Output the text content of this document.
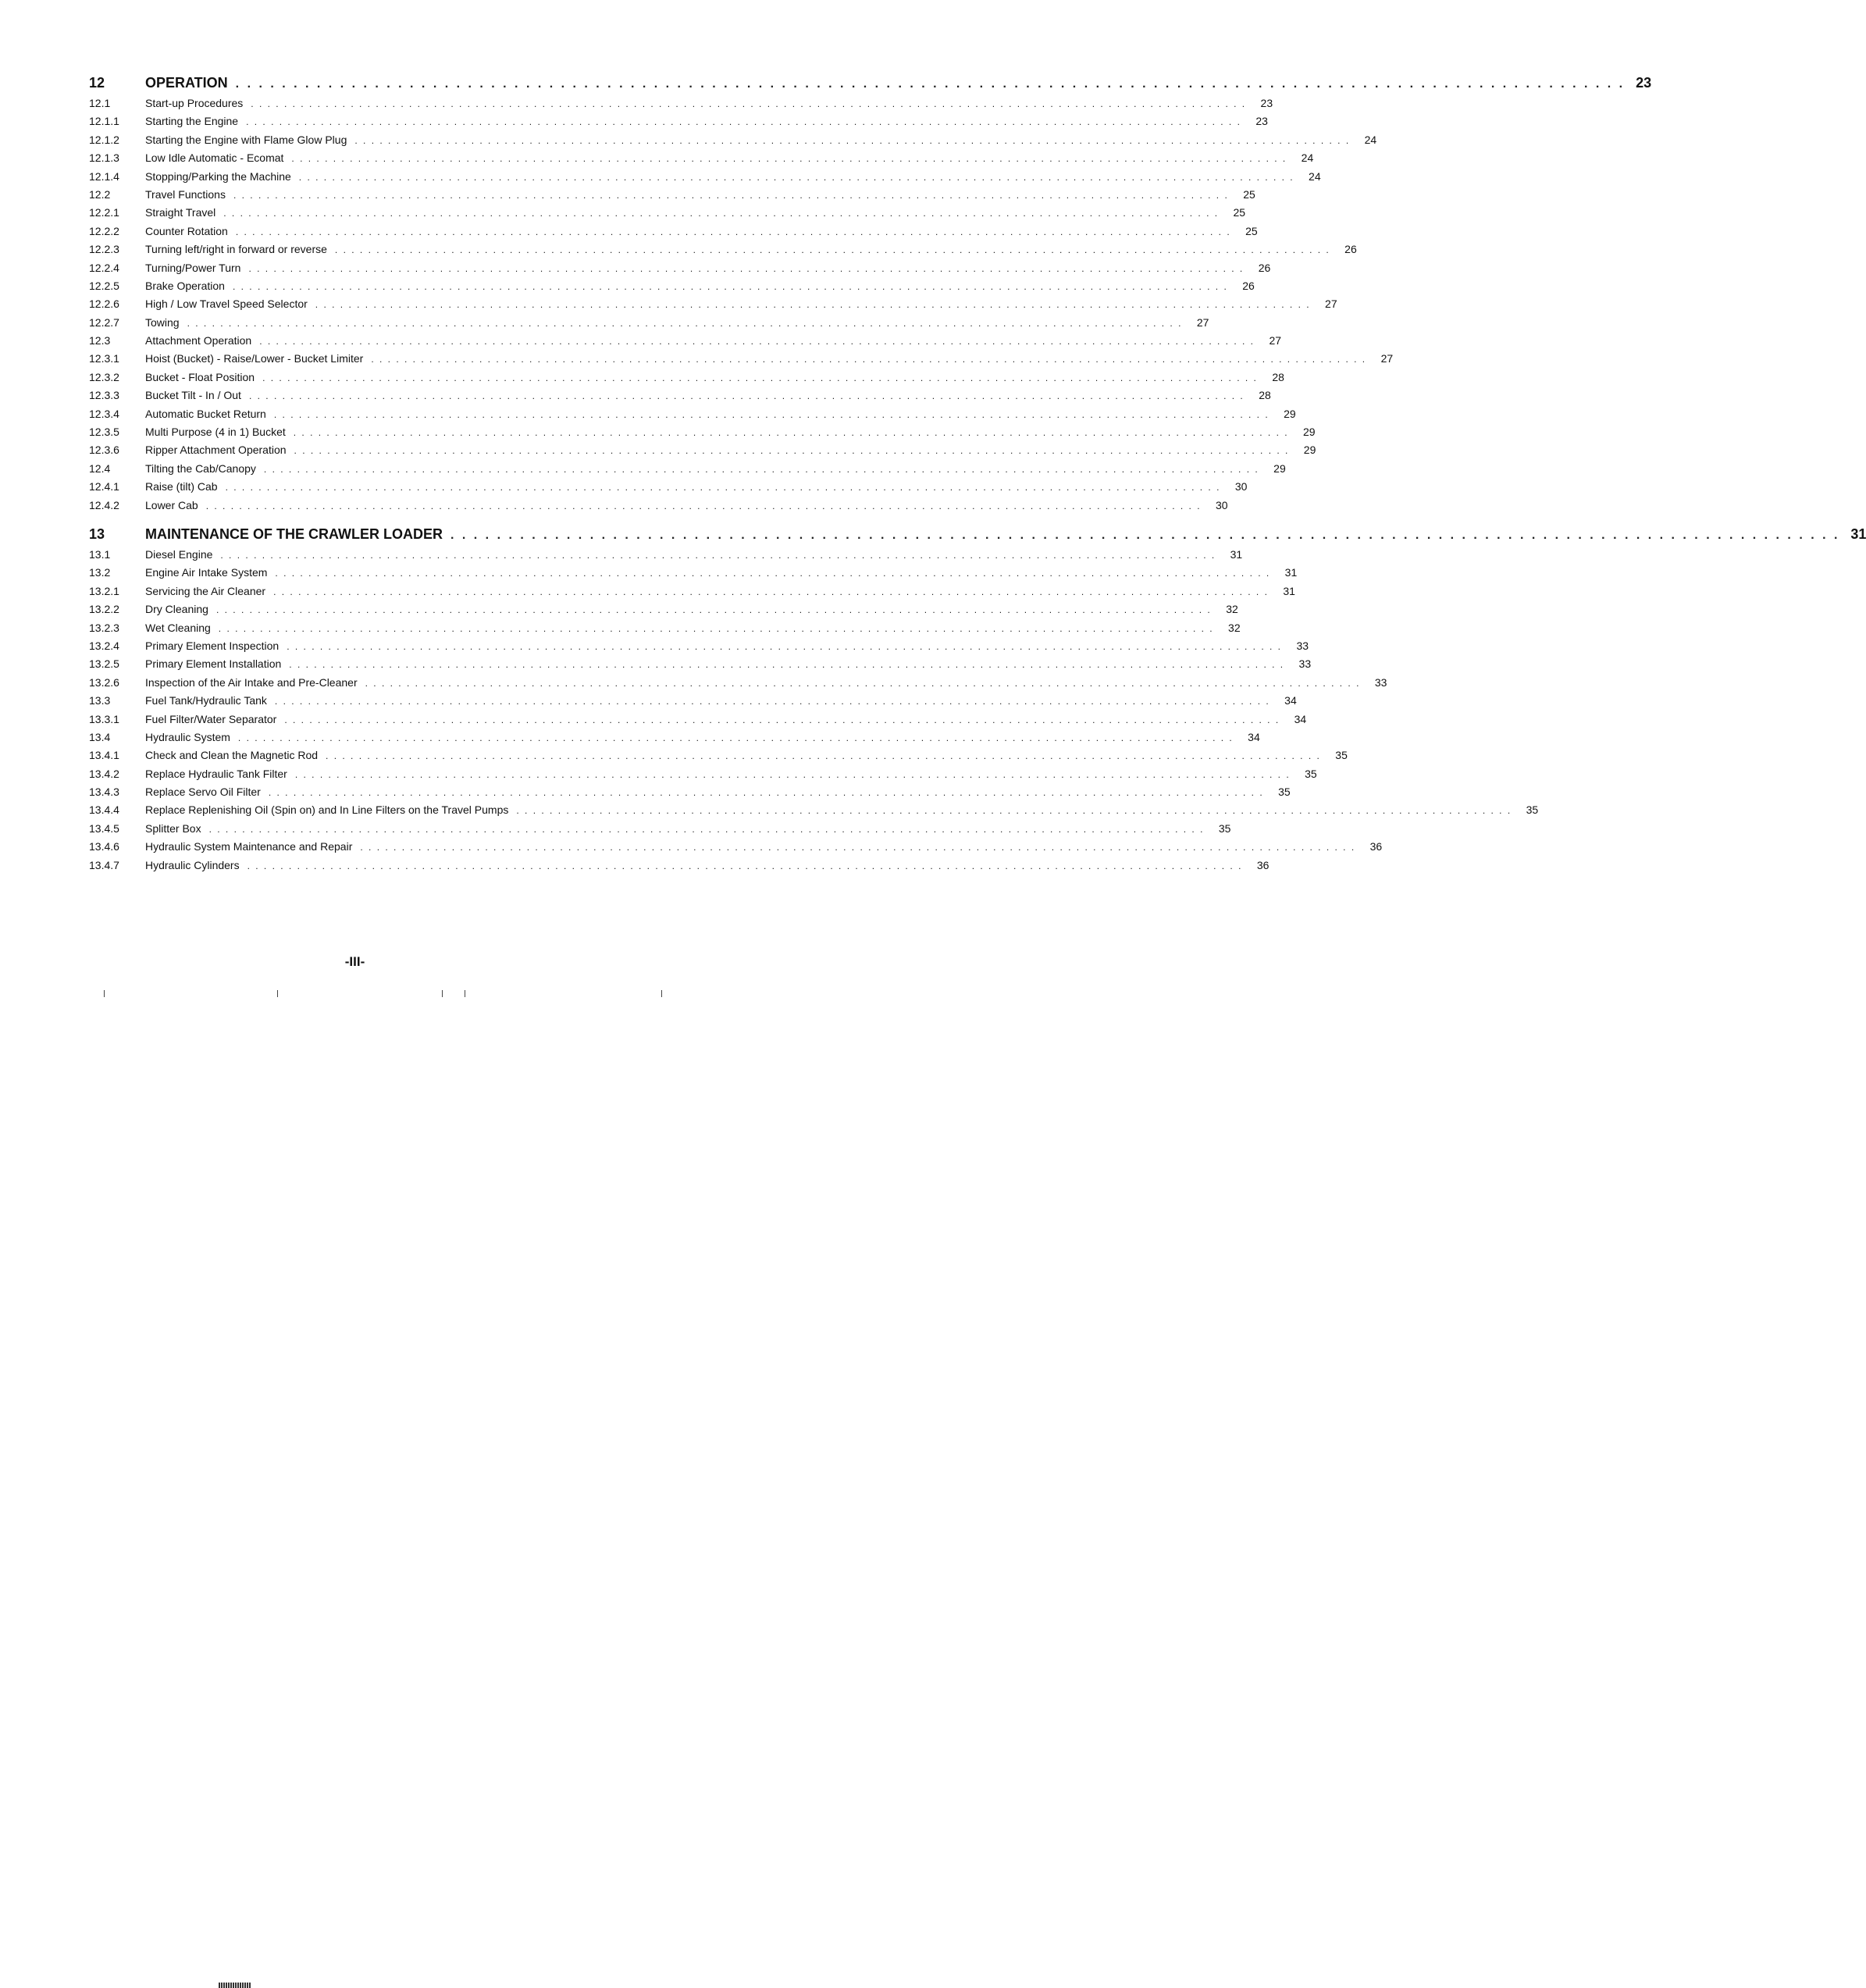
12	OPERATION . . . . . . . . . . . . . . . . . . . . . . . . . . . . . . . . . . . . . . . . . . . . . . . . . . . . . . . . . . . . . . . . . . . . . . . . . . . . . . . . . . . . . . . . . . . . . . . . . . . . . . . . . . . . . . . . . . . . . . . . 23
12.1	Start-up Procedures . . . . . . . . . . . . . . . . . . . . . . . . . . . . . . . . . . . . . . . . . . . . . . . . . . . . . . . . . . . . . . . . . . . . . . . . . . . . . . . . . . . . . . . . . . . . . . . . . . . . . . . . . . . . . . . . . . . . . . . .	23
12.1.1	Starting the Engine . . . . . . . . . . . . . . . . . . . . . . . . . . . . . . . . . . . . . . . . . . . . . . . . . . . . . . . . . . . . . . . . . . . . . . . . . . . . . . . . . . . . . . . . . . . . . . . . . . . . . . . . . . . . . . . . . . . . . . . .	23
12.1.2	Starting the Engine with Flame Glow Plug . . . . . . . . . . . . . . . . . . . . . . . . . . . . . . . . . . . . . . . . . . . . . . . . . . . . . . . . . . . . . . . . . . . . . . . . . . . . . . . . . . . . . . . . . . . . . . . . . . . . . . . . . . . . . . . . . . . . . . . .	24
12.1.3	Low Idle Automatic - Ecomat . . . . . . . . . . . . . . . . . . . . . . . . . . . . . . . . . . . . . . . . . . . . . . . . . . . . . . . . . . . . . . . . . . . . . . . . . . . . . . . . . . . . . . . . . . . . . . . . . . . . . . . . . . . . . . . . . . . . . . . .	24
12.1.4	Stopping/Parking the Machine . . . . . . . . . . . . . . . . . . . . . . . . . . . . . . . . . . . . . . . . . . . . . . . . . . . . . . . . . . . . . . . . . . . . . . . . . . . . . . . . . . . . . . . . . . . . . . . . . . . . . . . . . . . . . . . . . . . . . . . .	24
12.2	Travel Functions . . . . . . . . . . . . . . . . . . . . . . . . . . . . . . . . . . . . . . . . . . . . . . . . . . . . . . . . . . . . . . . . . . . . . . . . . . . . . . . . . . . . . . . . . . . . . . . . . . . . . . . . . . . . . . . . . . . . . . . .	25
12.2.1	Straight Travel . . . . . . . . . . . . . . . . . . . . . . . . . . . . . . . . . . . . . . . . . . . . . . . . . . . . . . . . . . . . . . . . . . . . . . . . . . . . . . . . . . . . . . . . . . . . . . . . . . . . . . . . . . . . . . . . . . . . . . . .	25
12.2.2	Counter Rotation . . . . . . . . . . . . . . . . . . . . . . . . . . . . . . . . . . . . . . . . . . . . . . . . . . . . . . . . . . . . . . . . . . . . . . . . . . . . . . . . . . . . . . . . . . . . . . . . . . . . . . . . . . . . . . . . . . . . . . . .	25
12.2.3	Turning left/right in forward or reverse . . . . . . . . . . . . . . . . . . . . . . . . . . . . . . . . . . . . . . . . . . . . . . . . . . . . . . . . . . . . . . . . . . . . . . . . . . . . . . . . . . . . . . . . . . . . . . . . . . . . . . . . . . . . . . . . . . . . . . . .	26
12.2.4	Turning/Power Turn . . . . . . . . . . . . . . . . . . . . . . . . . . . . . . . . . . . . . . . . . . . . . . . . . . . . . . . . . . . . . . . . . . . . . . . . . . . . . . . . . . . . . . . . . . . . . . . . . . . . . . . . . . . . . . . . . . . . . . . .	26
12.2.5	Brake Operation . . . . . . . . . . . . . . . . . . . . . . . . . . . . . . . . . . . . . . . . . . . . . . . . . . . . . . . . . . . . . . . . . . . . . . . . . . . . . . . . . . . . . . . . . . . . . . . . . . . . . . . . . . . . . . . . . . . . . . . .	26
12.2.6	High / Low Travel Speed Selector . . . . . . . . . . . . . . . . . . . . . . . . . . . . . . . . . . . . . . . . . . . . . . . . . . . . . . . . . . . . . . . . . . . . . . . . . . . . . . . . . . . . . . . . . . . . . . . . . . . . . . . . . . . . . . . . . . . . . . . .	27
12.2.7	Towing . . . . . . . . . . . . . . . . . . . . . . . . . . . . . . . . . . . . . . . . . . . . . . . . . . . . . . . . . . . . . . . . . . . . . . . . . . . . . . . . . . . . . . . . . . . . . . . . . . . . . . . . . . . . . . . . . . . . . . . .	27
12.3	Attachment Operation . . . . . . . . . . . . . . . . . . . . . . . . . . . . . . . . . . . . . . . . . . . . . . . . . . . . . . . . . . . . . . . . . . . . . . . . . . . . . . . . . . . . . . . . . . . . . . . . . . . . . . . . . . . . . . . . . . . . . . . .	27
12.3.1	Hoist (Bucket) - Raise/Lower - Bucket Limiter . . . . . . . . . . . . . . . . . . . . . . . . . . . . . . . . . . . . . . . . . . . . . . . . . . . . . . . . . . . . . . . . . . . . . . . . . . . . . . . . . . . . . . . . . . . . . . . . . . . . . . . . . . . . . . . . . . . . . . . .	27
12.3.2	Bucket - Float Position . . . . . . . . . . . . . . . . . . . . . . . . . . . . . . . . . . . . . . . . . . . . . . . . . . . . . . . . . . . . . . . . . . . . . . . . . . . . . . . . . . . . . . . . . . . . . . . . . . . . . . . . . . . . . . . . . . . . . . . .	28
12.3.3	Bucket Tilt - In / Out . . . . . . . . . . . . . . . . . . . . . . . . . . . . . . . . . . . . . . . . . . . . . . . . . . . . . . . . . . . . . . . . . . . . . . . . . . . . . . . . . . . . . . . . . . . . . . . . . . . . . . . . . . . . . . . . . . . . . . . .	28
12.3.4	Automatic Bucket Return . . . . . . . . . . . . . . . . . . . . . . . . . . . . . . . . . . . . . . . . . . . . . . . . . . . . . . . . . . . . . . . . . . . . . . . . . . . . . . . . . . . . . . . . . . . . . . . . . . . . . . . . . . . . . . . . . . . . . . . .	29
12.3.5	Multi Purpose (4 in 1) Bucket . . . . . . . . . . . . . . . . . . . . . . . . . . . . . . . . . . . . . . . . . . . . . . . . . . . . . . . . . . . . . . . . . . . . . . . . . . . . . . . . . . . . . . . . . . . . . . . . . . . . . . . . . . . . . . . . . . . . . . . .	29
12.3.6	Ripper Attachment Operation . . . . . . . . . . . . . . . . . . . . . . . . . . . . . . . . . . . . . . . . . . . . . . . . . . . . . . . . . . . . . . . . . . . . . . . . . . . . . . . . . . . . . . . . . . . . . . . . . . . . . . . . . . . . . . . . . . . . . . . .	29
12.4	Tilting the Cab/Canopy . . . . . . . . . . . . . . . . . . . . . . . . . . . . . . . . . . . . . . . . . . . . . . . . . . . . . . . . . . . . . . . . . . . . . . . . . . . . . . . . . . . . . . . . . . . . . . . . . . . . . . . . . . . . . . . . . . . . . . . .	29
12.4.1	Raise (tilt) Cab . . . . . . . . . . . . . . . . . . . . . . . . . . . . . . . . . . . . . . . . . . . . . . . . . . . . . . . . . . . . . . . . . . . . . . . . . . . . . . . . . . . . . . . . . . . . . . . . . . . . . . . . . . . . . . . . . . . . . . . .	30
12.4.2	Lower Cab . . . . . . . . . . . . . . . . . . . . . . . . . . . . . . . . . . . . . . . . . . . . . . . . . . . . . . . . . . . . . . . . . . . . . . . . . . . . . . . . . . . . . . . . . . . . . . . . . . . . . . . . . . . . . . . . . . . . . . . .	30
13	MAINTENANCE OF THE CRAWLER LOADER . . . . . . . . . . . . . . . . . . . . . . . . . . . . . . . . . . . . . . . . . . . . . . . . . . . . . . . . . . . . . . . . . . . . . . . . . . . . . . . . . . . . . . . . . . . . . . . . . . . . . . . . . . . . . . . . . . . . . . . . 31
13.1	Diesel Engine . . . . . . . . . . . . . . . . . . . . . . . . . . . . . . . . . . . . . . . . . . . . . . . . . . . . . . . . . . . . . . . . . . . . . . . . . . . . . . . . . . . . . . . . . . . . . . . . . . . . . . . . . . . . . . . . . . . . . . . .	31
13.2	Engine Air Intake System . . . . . . . . . . . . . . . . . . . . . . . . . . . . . . . . . . . . . . . . . . . . . . . . . . . . . . . . . . . . . . . . . . . . . . . . . . . . . . . . . . . . . . . . . . . . . . . . . . . . . . . . . . . . . . . . . . . . . . . .	31
13.2.1	Servicing the Air Cleaner . . . . . . . . . . . . . . . . . . . . . . . . . . . . . . . . . . . . . . . . . . . . . . . . . . . . . . . . . . . . . . . . . . . . . . . . . . . . . . . . . . . . . . . . . . . . . . . . . . . . . . . . . . . . . . . . . . . . . . . .	31
13.2.2	Dry Cleaning . . . . . . . . . . . . . . . . . . . . . . . . . . . . . . . . . . . . . . . . . . . . . . . . . . . . . . . . . . . . . . . . . . . . . . . . . . . . . . . . . . . . . . . . . . . . . . . . . . . . . . . . . . . . . . . . . . . . . . . .	32
13.2.3	Wet Cleaning . . . . . . . . . . . . . . . . . . . . . . . . . . . . . . . . . . . . . . . . . . . . . . . . . . . . . . . . . . . . . . . . . . . . . . . . . . . . . . . . . . . . . . . . . . . . . . . . . . . . . . . . . . . . . . . . . . . . . . . .	32
13.2.4	Primary Element Inspection . . . . . . . . . . . . . . . . . . . . . . . . . . . . . . . . . . . . . . . . . . . . . . . . . . . . . . . . . . . . . . . . . . . . . . . . . . . . . . . . . . . . . . . . . . . . . . . . . . . . . . . . . . . . . . . . . . . . . . . .	33
13.2.5	Primary Element Installation . . . . . . . . . . . . . . . . . . . . . . . . . . . . . . . . . . . . . . . . . . . . . . . . . . . . . . . . . . . . . . . . . . . . . . . . . . . . . . . . . . . . . . . . . . . . . . . . . . . . . . . . . . . . . . . . . . . . . . . .	33
13.2.6	Inspection of the Air Intake and Pre-Cleaner . . . . . . . . . . . . . . . . . . . . . . . . . . . . . . . . . . . . . . . . . . . . . . . . . . . . . . . . . . . . . . . . . . . . . . . . . . . . . . . . . . . . . . . . . . . . . . . . . . . . . . . . . . . . . . . . . . . . . . . .	33
13.3	Fuel Tank/Hydraulic Tank . . . . . . . . . . . . . . . . . . . . . . . . . . . . . . . . . . . . . . . . . . . . . . . . . . . . . . . . . . . . . . . . . . . . . . . . . . . . . . . . . . . . . . . . . . . . . . . . . . . . . . . . . . . . . . . . . . . . . . . .	34
13.3.1	Fuel Filter/Water Separator . . . . . . . . . . . . . . . . . . . . . . . . . . . . . . . . . . . . . . . . . . . . . . . . . . . . . . . . . . . . . . . . . . . . . . . . . . . . . . . . . . . . . . . . . . . . . . . . . . . . . . . . . . . . . . . . . . . . . . . .	34
13.4	Hydraulic System . . . . . . . . . . . . . . . . . . . . . . . . . . . . . . . . . . . . . . . . . . . . . . . . . . . . . . . . . . . . . . . . . . . . . . . . . . . . . . . . . . . . . . . . . . . . . . . . . . . . . . . . . . . . . . . . . . . . . . . .	34
13.4.1	Check and Clean the Magnetic Rod . . . . . . . . . . . . . . . . . . . . . . . . . . . . . . . . . . . . . . . . . . . . . . . . . . . . . . . . . . . . . . . . . . . . . . . . . . . . . . . . . . . . . . . . . . . . . . . . . . . . . . . . . . . . . . . . . . . . . . . .	35
13.4.2	Replace Hydraulic Tank Filter . . . . . . . . . . . . . . . . . . . . . . . . . . . . . . . . . . . . . . . . . . . . . . . . . . . . . . . . . . . . . . . . . . . . . . . . . . . . . . . . . . . . . . . . . . . . . . . . . . . . . . . . . . . . . . . . . . . . . . . .	35
13.4.3	Replace Servo Oil Filter . . . . . . . . . . . . . . . . . . . . . . . . . . . . . . . . . . . . . . . . . . . . . . . . . . . . . . . . . . . . . . . . . . . . . . . . . . . . . . . . . . . . . . . . . . . . . . . . . . . . . . . . . . . . . . . . . . . . . . . .	35
13.4.4	Replace Replenishing Oil (Spin on) and In Line Filters on the Travel Pumps . . . . . . . . . . . . . . . . . . . . . . . . . . . . . . . . . . . . . . . . . . . . . . . . . . . . . . . . . . . . . . . . . . . . . . . . . . . . . . . . . . . . . . . . . . . . . . . . . . . . . . . . . . . . . . . . . . . . . . . .	35
13.4.5	Splitter Box . . . . . . . . . . . . . . . . . . . . . . . . . . . . . . . . . . . . . . . . . . . . . . . . . . . . . . . . . . . . . . . . . . . . . . . . . . . . . . . . . . . . . . . . . . . . . . . . . . . . . . . . . . . . . . . . . . . . . . . .	35
13.4.6	Hydraulic System Maintenance and Repair . . . . . . . . . . . . . . . . . . . . . . . . . . . . . . . . . . . . . . . . . . . . . . . . . . . . . . . . . . . . . . . . . . . . . . . . . . . . . . . . . . . . . . . . . . . . . . . . . . . . . . . . . . . . . . . . . . . . . . . .	36
13.4.7	Hydraulic Cylinders . . . . . . . . . . . . . . . . . . . . . . . . . . . . . . . . . . . . . . . . . . . . . . . . . . . . . . . . . . . . . . . . . . . . . . . . . . . . . . . . . . . . . . . . . . . . . . . . . . . . . . . . . . . . . . . . . . . . . . . .	36
-III-
